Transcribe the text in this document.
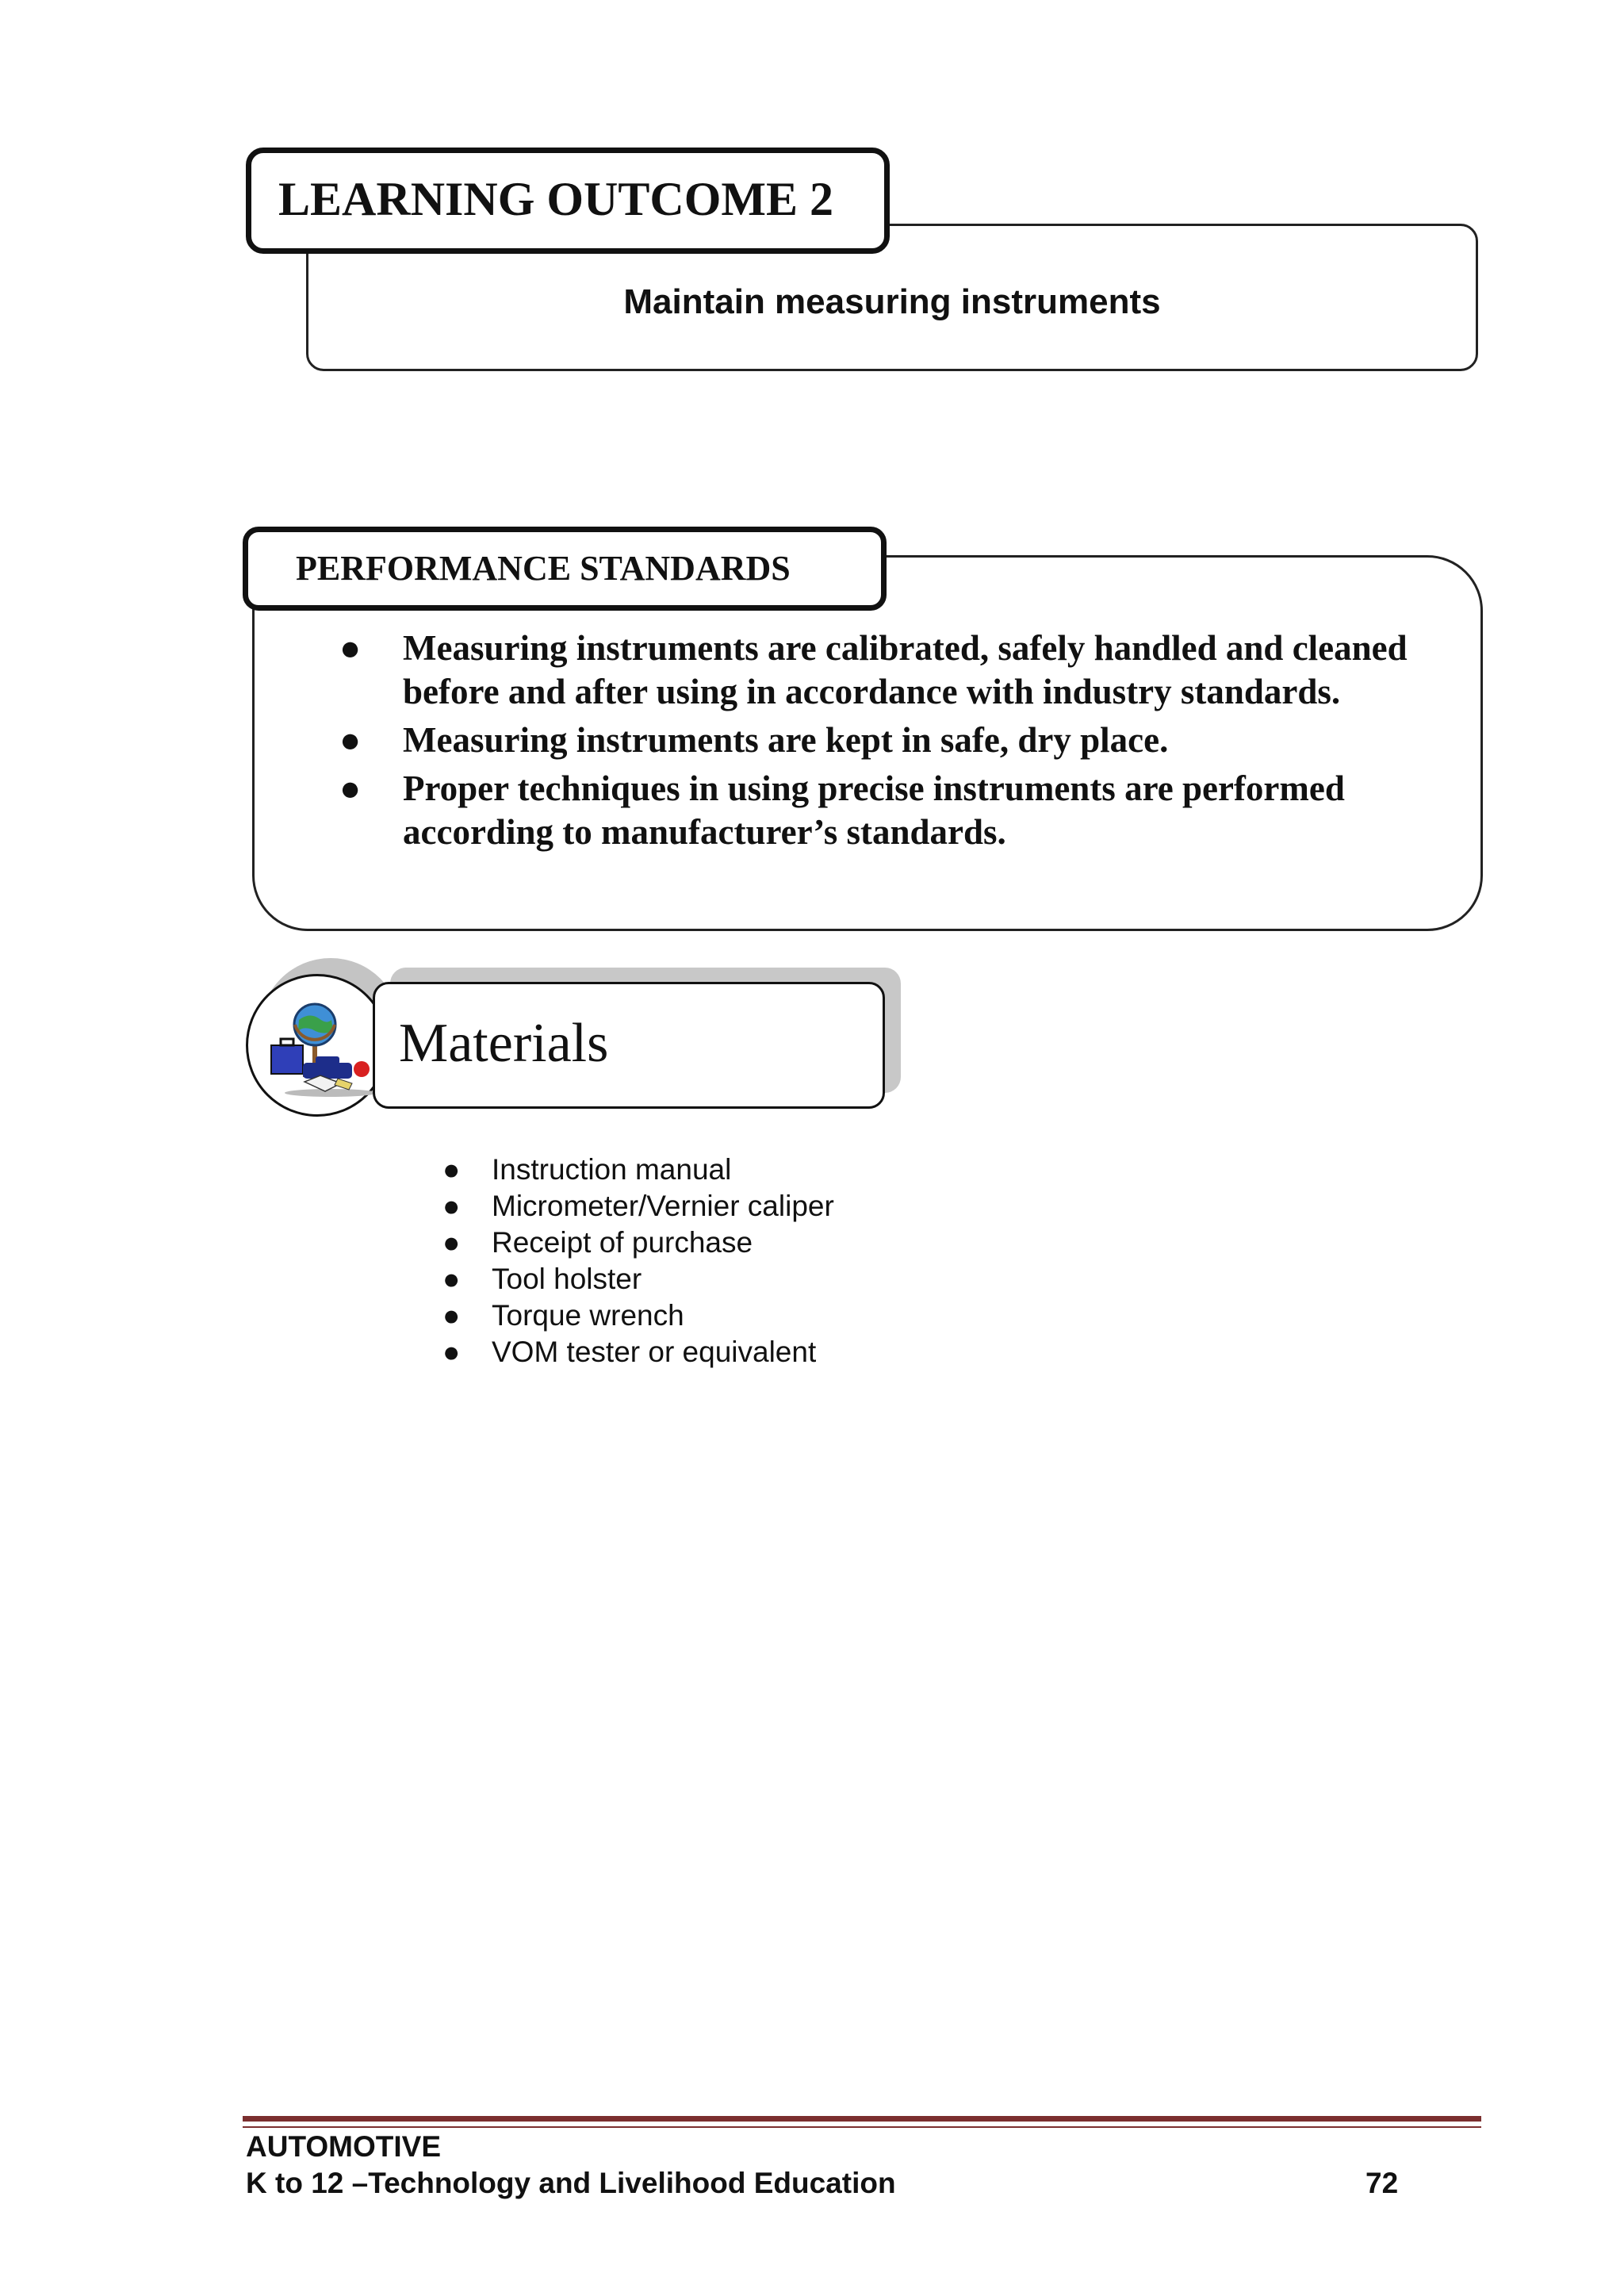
Maintain measuring instruments
LEARNING OUTCOME 2
PERFORMANCE STANDARDS
● Measuring instruments are calibrated, safely handled and cleaned before and after using in accordance with industry standards.
● Measuring instruments are kept in safe, dry place.
● Proper techniques in using precise instruments are performed according to manufacturer’s standards.
Materials
● Instruction manual
● Micrometer/Vernier caliper
● Receipt of purchase
● Tool holster
● Torque wrench
● VOM tester or equivalent
AUTOMOTIVE
K to 12 –Technology and Livelihood Education	72
